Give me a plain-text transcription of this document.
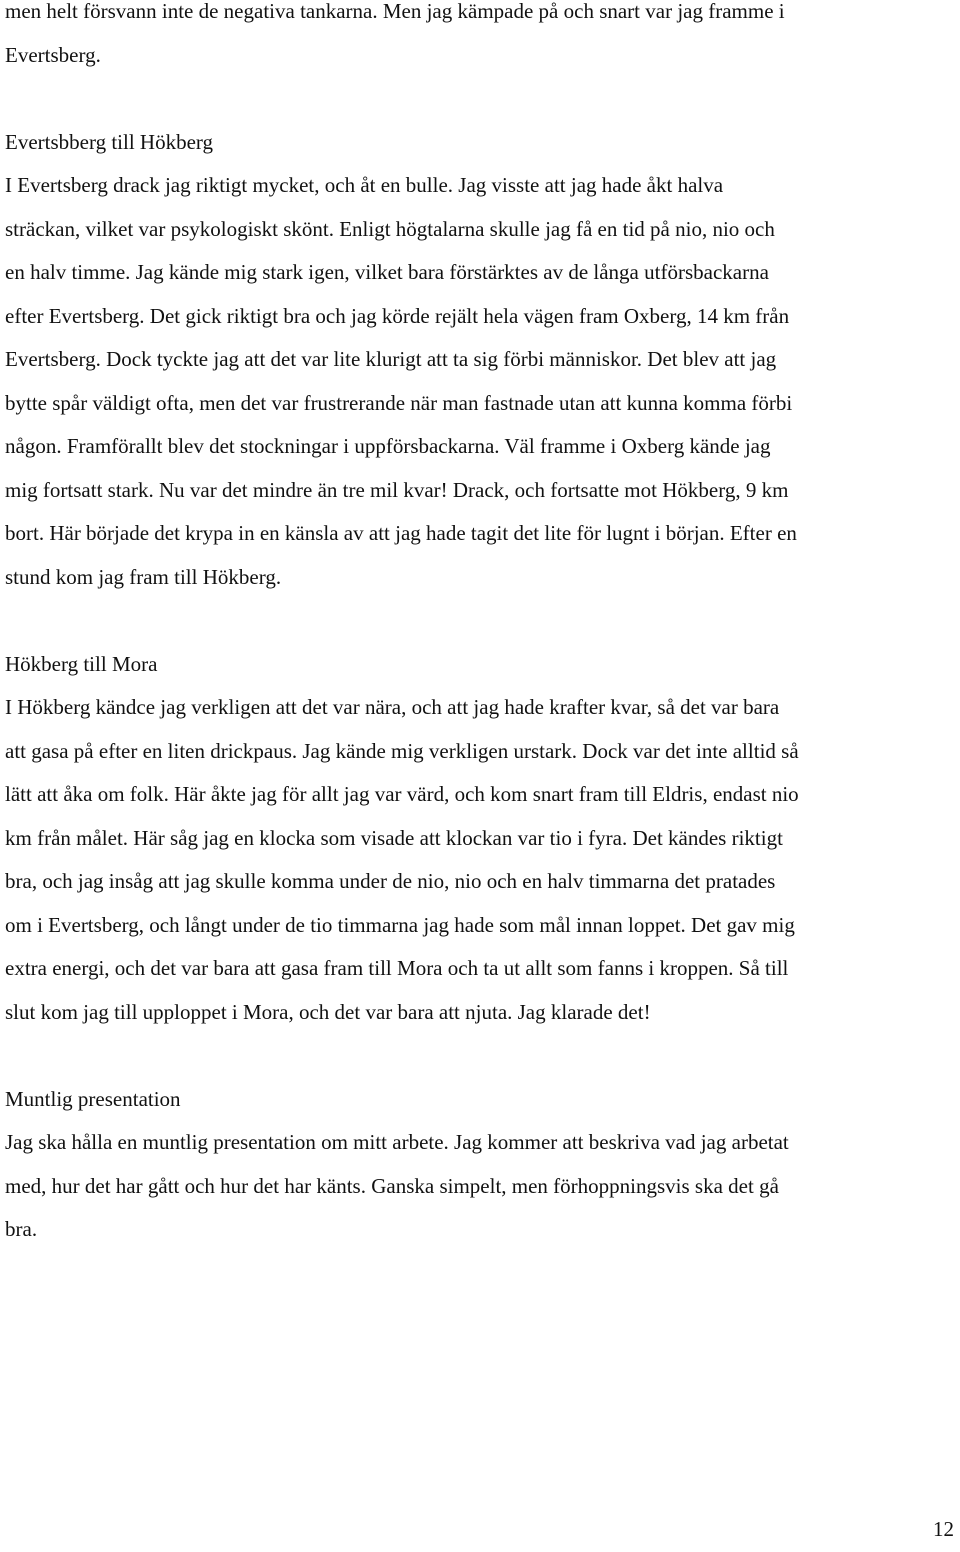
men helt försvann inte de negativa tankarna. Men jag kämpade på och snart var jag framme i
Evertsberg.
Evertsbberg till Hökberg
I Evertsberg drack jag riktigt mycket, och åt en bulle. Jag visste att jag hade åkt halva
sträckan, vilket var psykologiskt skönt. Enligt högtalarna skulle jag få en tid på nio, nio och
en halv timme. Jag kände mig stark igen, vilket bara förstärktes av de långa utförsbackarna
efter Evertsberg. Det gick riktigt bra och jag körde rejält hela vägen fram Oxberg, 14 km från
Evertsberg. Dock tyckte jag att det var lite klurigt att ta sig förbi människor. Det blev att jag
bytte spår väldigt ofta, men det var frustrerande när man fastnade utan att kunna komma förbi
någon. Framförallt blev det stockningar i uppförsbackarna. Väl framme i Oxberg kände jag
mig fortsatt stark. Nu var det mindre än tre mil kvar! Drack, och fortsatte mot Hökberg, 9 km
bort. Här började det krypa in en känsla av att jag hade tagit det lite för lugnt i början. Efter en
stund kom jag fram till Hökberg.
Hökberg till Mora
I Hökberg kändce jag verkligen att det var nära, och att jag hade krafter kvar, så det var bara
att gasa på efter en liten drickpaus. Jag kände mig verkligen urstark. Dock var det inte alltid så
lätt att åka om folk. Här åkte jag för allt jag var värd, och kom snart fram till Eldris, endast nio
km från målet. Här såg jag en klocka som visade att klockan var tio i fyra. Det kändes riktigt
bra, och jag insåg att jag skulle komma under de nio, nio och en halv timmarna det pratades
om i Evertsberg, och långt under de tio timmarna jag hade som mål innan loppet. Det gav mig
extra energi, och det var bara att gasa fram till Mora och ta ut allt som fanns i kroppen. Så till
slut kom jag till upploppet i Mora, och det var bara att njuta. Jag klarade det!
Muntlig presentation
Jag ska hålla en muntlig presentation om mitt arbete. Jag kommer att beskriva vad jag arbetat
med, hur det har gått och hur det har känts. Ganska simpelt, men förhoppningsvis ska det gå
bra.
12
